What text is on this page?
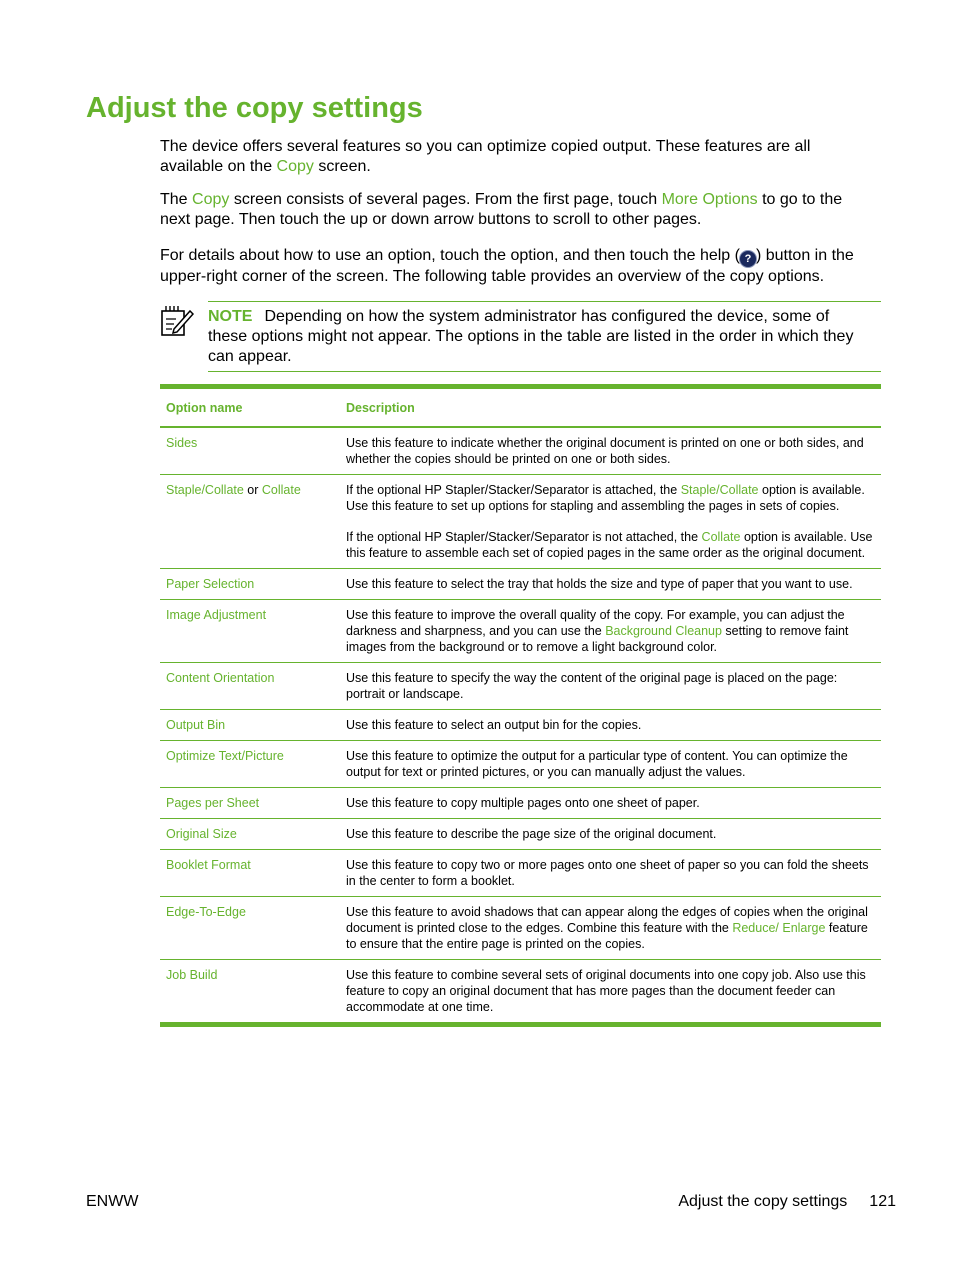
Adjust the copy settings

The device offers several features so you can optimize copied output. These features are all available on the Copy screen.

The Copy screen consists of several pages. From the first page, touch More Options to go to the next page. Then touch the up or down arrow buttons to scroll to other pages.

For details about how to use an option, touch the option, and then touch the help ( ? ) button in the upper-right corner of the screen. The following table provides an overview of the copy options.

NOTE Depending on how the system administrator has configured the device, some of these options might not appear. The options in the table are listed in the order in which they can appear.

Option name	Description
Sides	Use this feature to indicate whether the original document is printed on one or both sides, and whether the copies should be printed on one or both sides.
Staple/Collate or Collate	If the optional HP Stapler/Stacker/Separator is attached, the Staple/Collate option is available. Use this feature to set up options for stapling and assembling the pages in sets of copies.
If the optional HP Stapler/Stacker/Separator is not attached, the Collate option is available. Use this feature to assemble each set of copied pages in the same order as the original document.

Paper Selection	Use this feature to select the tray that holds the size and type of paper that you want to use.
Image Adjustment	Use this feature to improve the overall quality of the copy. For example, you can adjust the darkness and sharpness, and you can use the Background Cleanup setting to remove faint images from the background or to remove a light background color.
Content Orientation	Use this feature to specify the way the content of the original page is placed on the page: portrait or landscape.
Output Bin	Use this feature to select an output bin for the copies.
Optimize Text/Picture	Use this feature to optimize the output for a particular type of content. You can optimize the output for text or printed pictures, or you can manually adjust the values.
Pages per Sheet	Use this feature to copy multiple pages onto one sheet of paper.
Original Size	Use this feature to describe the page size of the original document.
Booklet Format	Use this feature to copy two or more pages onto one sheet of paper so you can fold the sheets in the center to form a booklet.
Edge-To-Edge	Use this feature to avoid shadows that can appear along the edges of copies when the original document is printed close to the edges. Combine this feature with the Reduce/ Enlarge feature to ensure that the entire page is printed on the copies.
Job Build	Use this feature to combine several sets of original documents into one copy job. Also use this feature to copy an original document that has more pages than the document feeder can accommodate at one time.
ENWW	Adjust the copy settings 121
